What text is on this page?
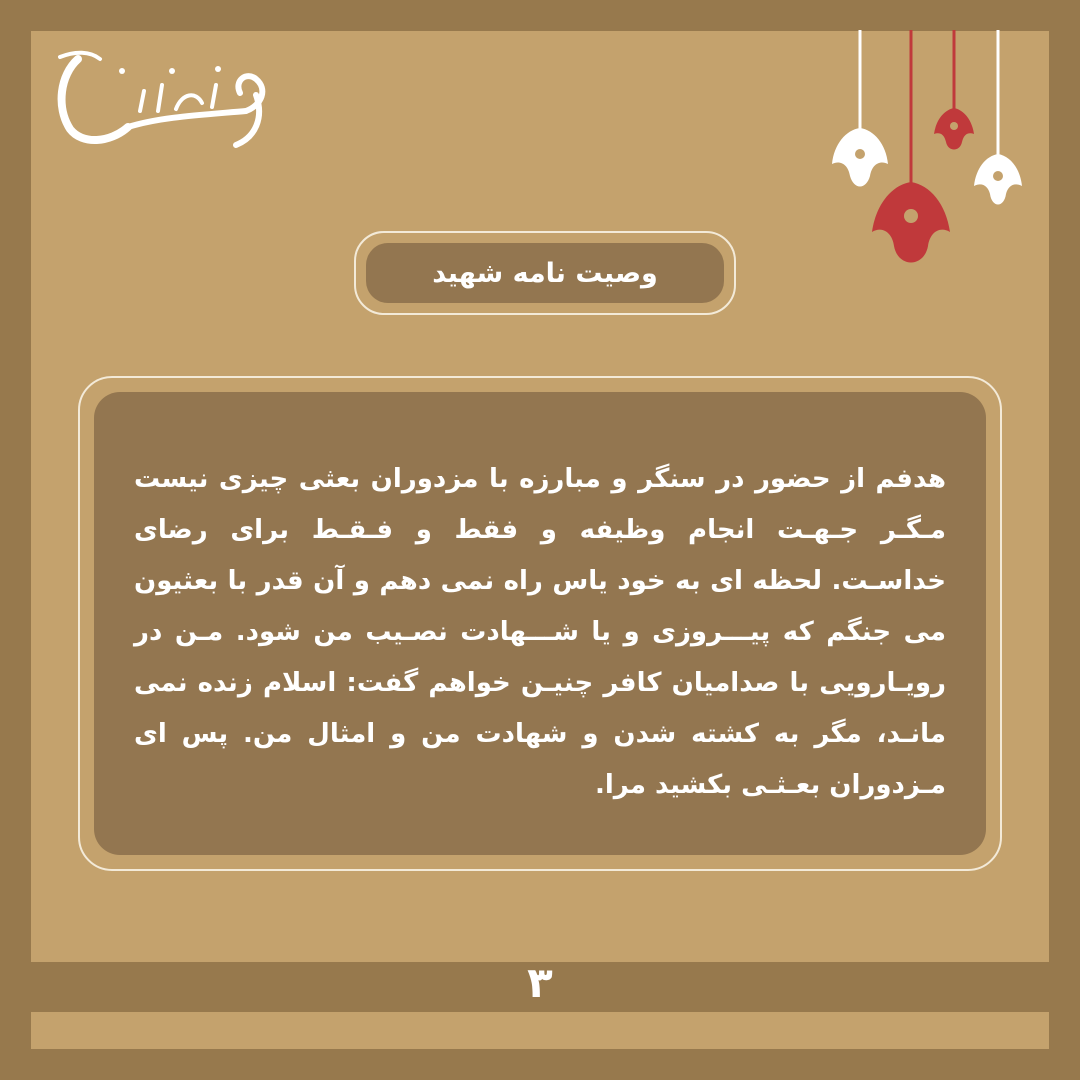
وصیت نامه شهید
هدفم از حضور در سنگر و مبارزه با مزدوران بعثی چیزی نیست مـگـر جـهـت انجام وظیفه و فقط و فـقـط برای رضای خداسـت. لحظه ای به خود یاس راه نمی دهم و آن قدر با بعثیون می جنگم که پیـــروزی و یا شـــهادت نصـیب من شود. مـن در رویـارویی با صدامیان کافر چنیـن خواهم گفت: اسلام زنده نمی مانـد، مگر به کشته شدن و شهادت من و امثال من. پس ای مـزدوران بعـثـی بکشید مرا.
۳
